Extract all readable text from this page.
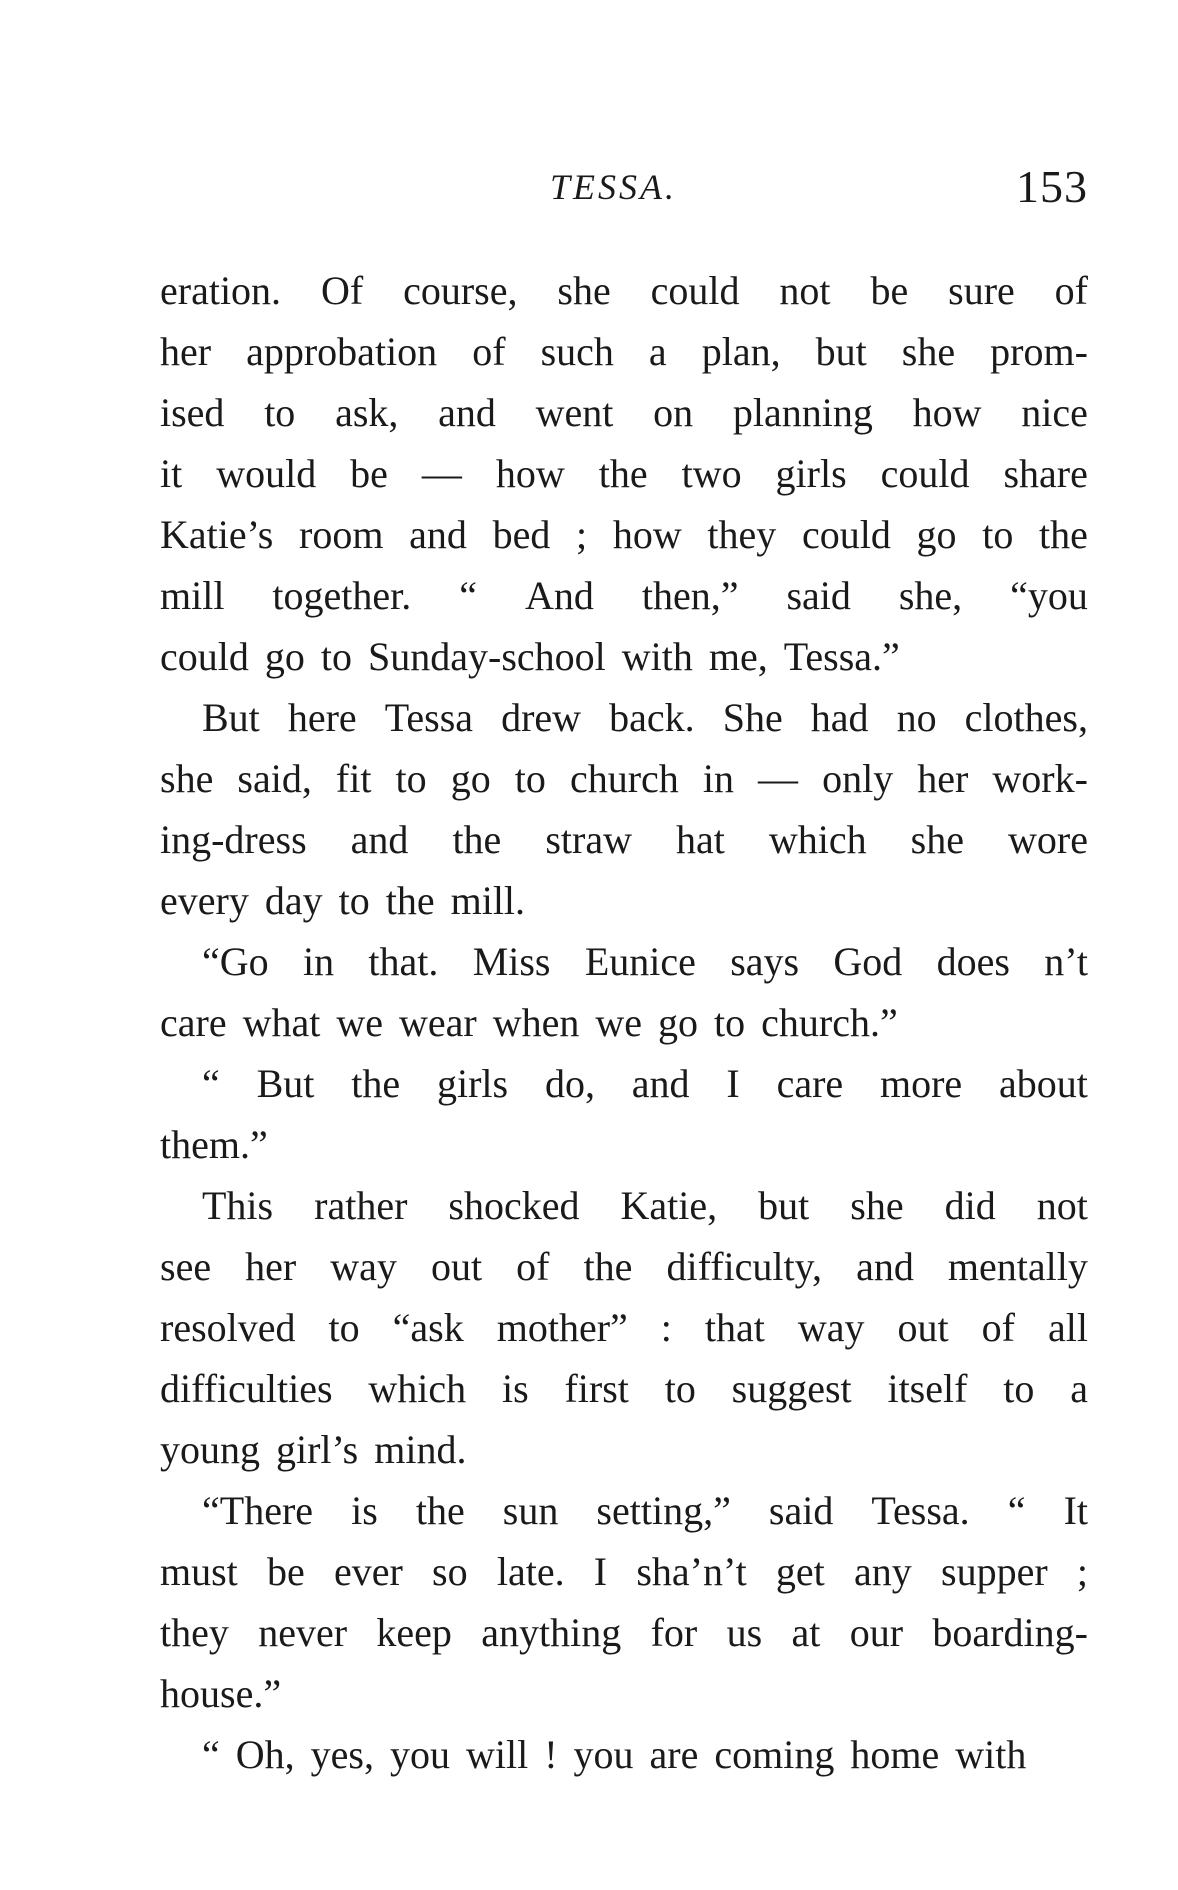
TESSA.	153
eration. Of course, she could not be sure of
her approbation of such a plan, but she prom-
ised to ask, and went on planning how nice
it would be — how the two girls could share
Katie’s room and bed ; how they could go to the
mill together. “ And then,” said she, “you
could go to Sunday-school with me, Tessa.”
But here Tessa drew back. She had no clothes,
she said, fit to go to church in — only her work-
ing-dress and the straw hat which she wore
every day to the mill.
“Go in that. Miss Eunice says God does n’t
care what we wear when we go to church.”
“ But the girls do, and I care more about
them.”
This rather shocked Katie, but she did not
see her way out of the difficulty, and mentally
resolved to “ask mother” : that way out of all
difficulties which is first to suggest itself to a
young girl’s mind.
“There is the sun setting,” said Tessa. “ It
must be ever so late. I sha’n’t get any supper ;
they never keep anything for us at our boarding-
house.”
“ Oh, yes, you will ! you are coming home with
